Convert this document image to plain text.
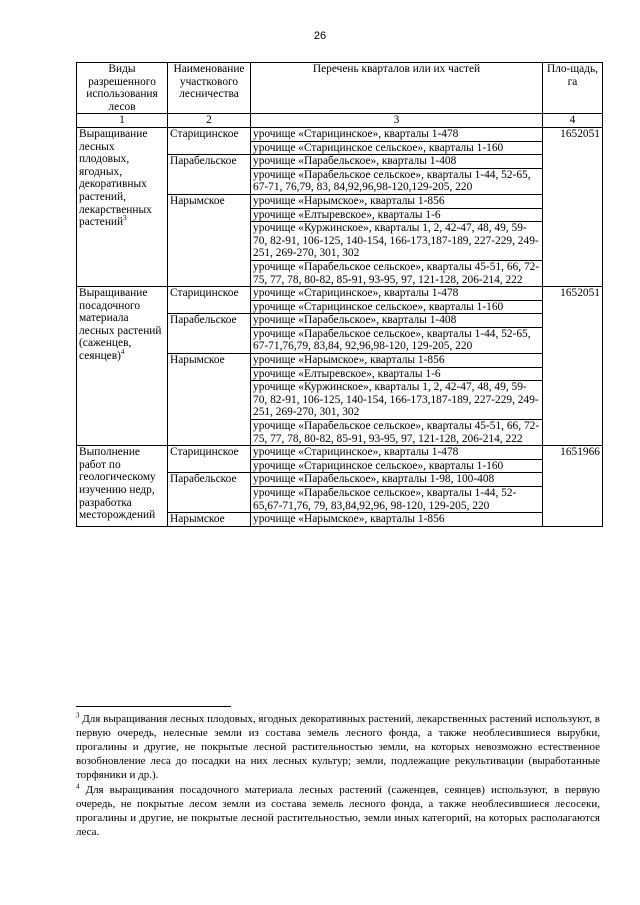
26
Виды разрешенного использования лесов	Наименование участкового лесничества	Перечень кварталов или их частей	Пло-щадь, га
1	2	3	4
Выращивание лесных плодовых, ягодных, декоративных растений, лекарственных растений$^3$	Старицинское	урочище «Старицинское», кварталы 1-478	1652051
		урочище «Старицинское сельское», кварталы 1-160	
	Парабельское	урочище «Парабельское», кварталы 1-408	
		урочище «Парабельское сельское», кварталы 1-44, 52-65, 67-71, 76,79, 83, 84,92,96,98-120,129-205, 220	
	Нарымское	урочище «Нарымское», кварталы 1-856	
		урочище «Елтыревское», кварталы 1-6	
		урочище «Куржинское», кварталы 1, 2, 42-47, 48, 49, 59-70, 82-91, 106-125, 140-154, 166-173,187-189, 227-229, 249-251, 269-270, 301, 302	
		урочище «Парабельское сельское», кварталы 45-51, 66, 72-75, 77, 78, 80-82, 85-91, 93-95, 97, 121-128, 206-214, 222	
Выращивание посадочного материала лесных растений (саженцев, сеянцев)$^4$	Старицинское	урочище «Старицинское», кварталы 1-478	1652051
		урочище «Старицинское сельское», кварталы 1-160	
	Парабельское	урочище «Парабельское», кварталы 1-408	
		урочище «Парабельское сельское», кварталы 1-44, 52-65, 67-71,76,79, 83,84, 92,96,98-120, 129-205, 220	
	Нарымское	урочище «Нарымское», кварталы 1-856	
		урочище «Елтыревское», кварталы 1-6	
		урочище «Куржинское», кварталы 1, 2, 42-47, 48, 49, 59-70, 82-91, 106-125, 140-154, 166-173,187-189, 227-229, 249-251, 269-270, 301, 302	
		урочище «Парабельское сельское», кварталы 45-51, 66, 72-75, 77, 78, 80-82, 85-91, 93-95, 97, 121-128, 206-214, 222	
Выполнение работ по геологическому изучению недр, разработка месторождений	Старицинское	урочище «Старицинское», кварталы 1-478	1651966
		урочище «Старицинское сельское», кварталы 1-160	
	Парабельское	урочище «Парабельское», кварталы 1-98, 100-408	
		урочище «Парабельское сельское», кварталы 1-44, 52-65,67-71,76, 79, 83,84,92,96, 98-120, 129-205, 220	
	Нарымское	урочище «Нарымское», кварталы 1-856	
$^3$ Для выращивания лесных плодовых, ягодных декоративных растений, лекарственных растений используют, в первую очередь, нелесные земли из состава земель лесного фонда, а также необлесившиеся вырубки, прогалины и другие, не покрытые лесной растительностью земли, на которых невозможно естественное возобновление леса до посадки на них лесных культур; земли, подлежащие рекультивации (выработанные торфяники и др.).
$^4$ Для выращивания посадочного материала лесных растений (саженцев, сеянцев) используют, в первую очередь, не покрытые лесом земли из состава земель лесного фонда, а также необлесившиеся лесосеки, прогалины и другие, не покрытые лесной растительностью, земли иных категорий, на которых располагаются леса.
